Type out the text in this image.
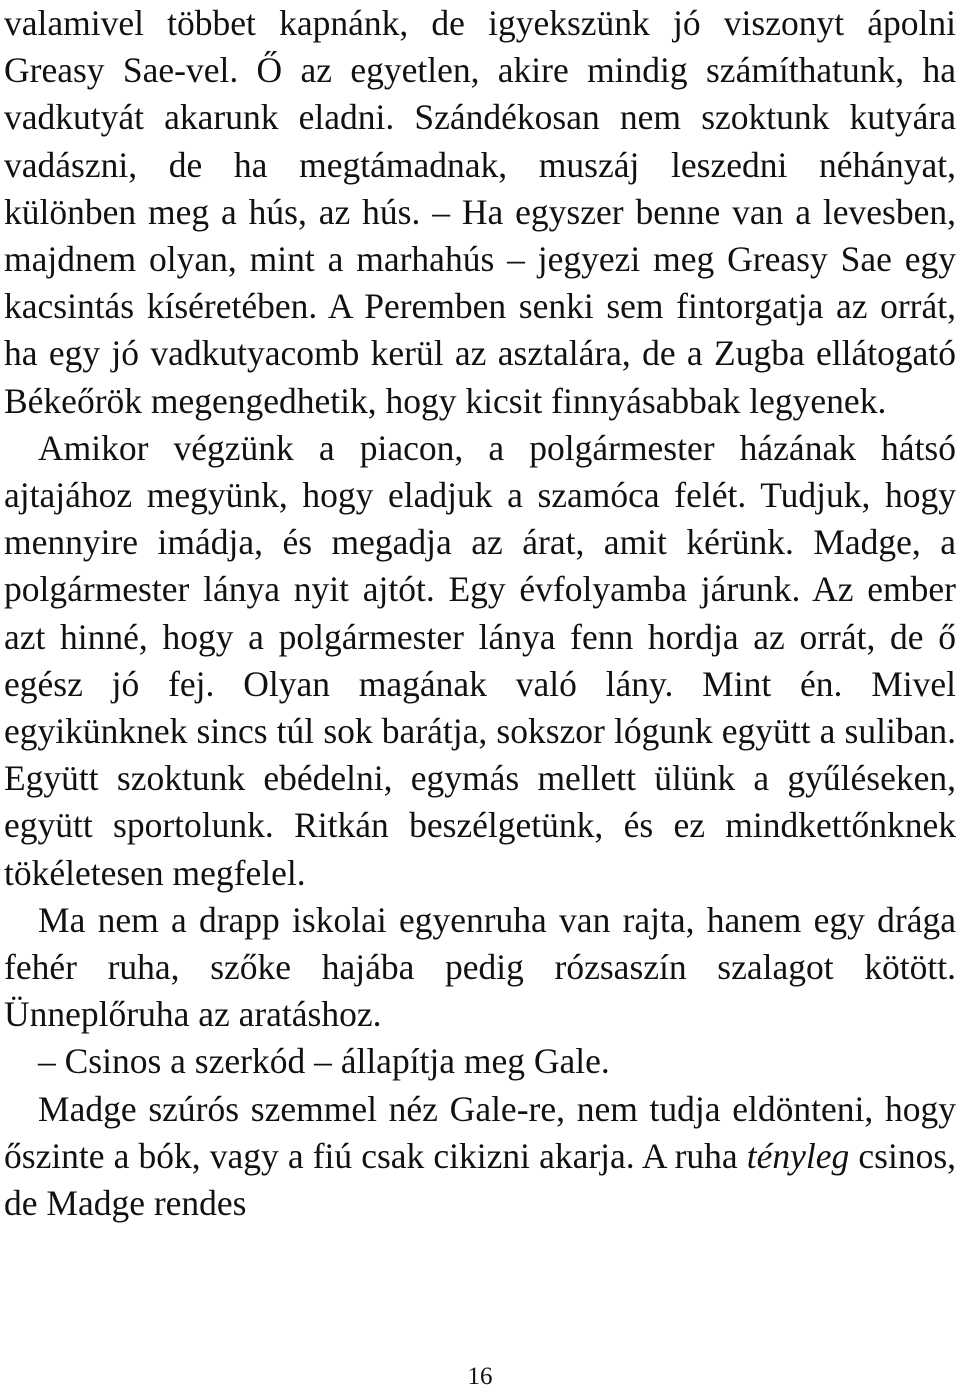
valamivel többet kapnánk, de igyekszünk jó viszonyt ápolni Greasy Sae-vel. Ő az egyetlen, akire mindig számíthatunk, ha vadkutyát akarunk eladni. Szándékosan nem szoktunk kutyára vadászni, de ha megtámadnak, muszáj leszedni néhányat, különben meg a hús, az hús. – Ha egyszer benne van a levesben, majdnem olyan, mint a marhahús – jegyezi meg Greasy Sae egy kacsintás kíséretében. A Peremben senki sem fintorgatja az orrát, ha egy jó vadkutyacomb kerül az asztalára, de a Zugba ellátogató Békeőrök megengedhetik, hogy kicsit finnyásabbak legyenek.

Amikor végzünk a piacon, a polgármester házának hátsó ajtajához megyünk, hogy eladjuk a szamóca felét. Tudjuk, hogy mennyire imádja, és megadja az árat, amit kérünk. Madge, a polgármester lánya nyit ajtót. Egy évfolyamba járunk. Az ember azt hinné, hogy a polgármester lánya fenn hordja az orrát, de ő egész jó fej. Olyan magának való lány. Mint én. Mivel egyikünknek sincs túl sok barátja, sokszor lógunk együtt a suliban. Együtt szoktunk ebédelni, egymás mellett ülünk a gyűléseken, együtt sportolunk. Ritkán beszélgetünk, és ez mindkettőnknek tökéletesen megfelel.

Ma nem a drapp iskolai egyenruha van rajta, hanem egy drága fehér ruha, szőke hajába pedig rózsaszín szalagot kötött. Ünneplőruha az aratáshoz.

– Csinos a szerkód – állapítja meg Gale.

Madge szúrós szemmel néz Gale-re, nem tudja eldönteni, hogy őszinte a bók, vagy a fiú csak cikizni akarja. A ruha tényleg csinos, de Madge rendes

16
